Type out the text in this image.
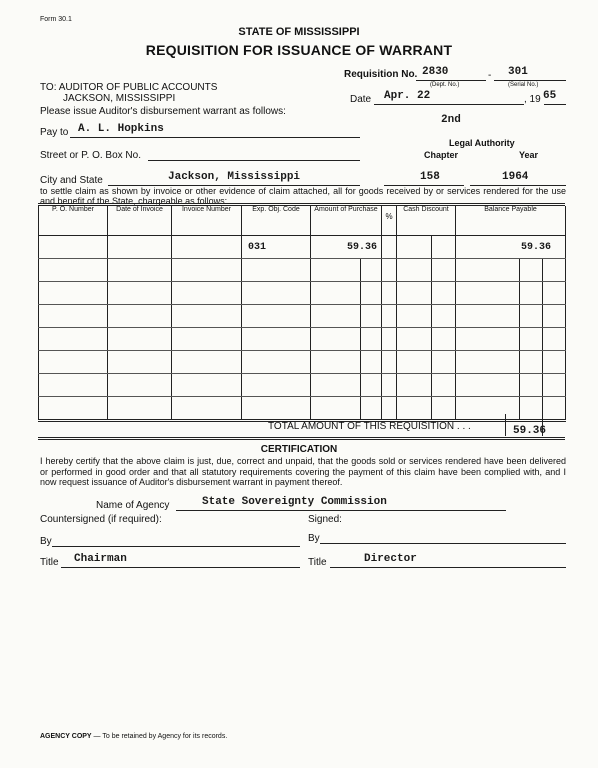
Form 30.1
STATE OF MISSISSIPPI
REQUISITION FOR ISSUANCE OF WARRANT
Requisition No. 2830	- 301
(Dept. No.)	(Serial No.)
TO: AUDITOR OF PUBLIC ACCOUNTS
JACKSON, MISSISSIPPI
Please issue Auditor's disbursement warrant as follows:
Date Apr. 22	, 19 65
2nd
Pay to A. L. Hopkins
Legal Authority
Chapter	Year
Street or P. O. Box No.
City and State	Jackson, Mississippi	158	1964
to settle claim as shown by invoice or other evidence of claim attached, all for goods received by or services rendered for the use and benefit of the State, chargeable as follows:
P. O. Number	Date of Invoice	Invoice Number	Exp. Obj. Code	Amount of Purchase		%	Cash Discount		Balance Payable		
			031	59.36					59.36		

TOTAL AMOUNT OF THIS REQUISITION . . .	59.36
CERTIFICATION
I hereby certify that the above claim is just, due, correct and unpaid, that the goods sold or services rendered have been delivered or performed in good order and that all statutory requirements covering the payment of this claim have been complied with, and I now request issuance of Auditor's disbursement warrant in payment thereof.
Name of Agency	State Sovereignty Commission
Countersigned (if required):	Signed:
By	By
Title Chairman	Title	Director
AGENCY COPY — To be retained by Agency for its records.
